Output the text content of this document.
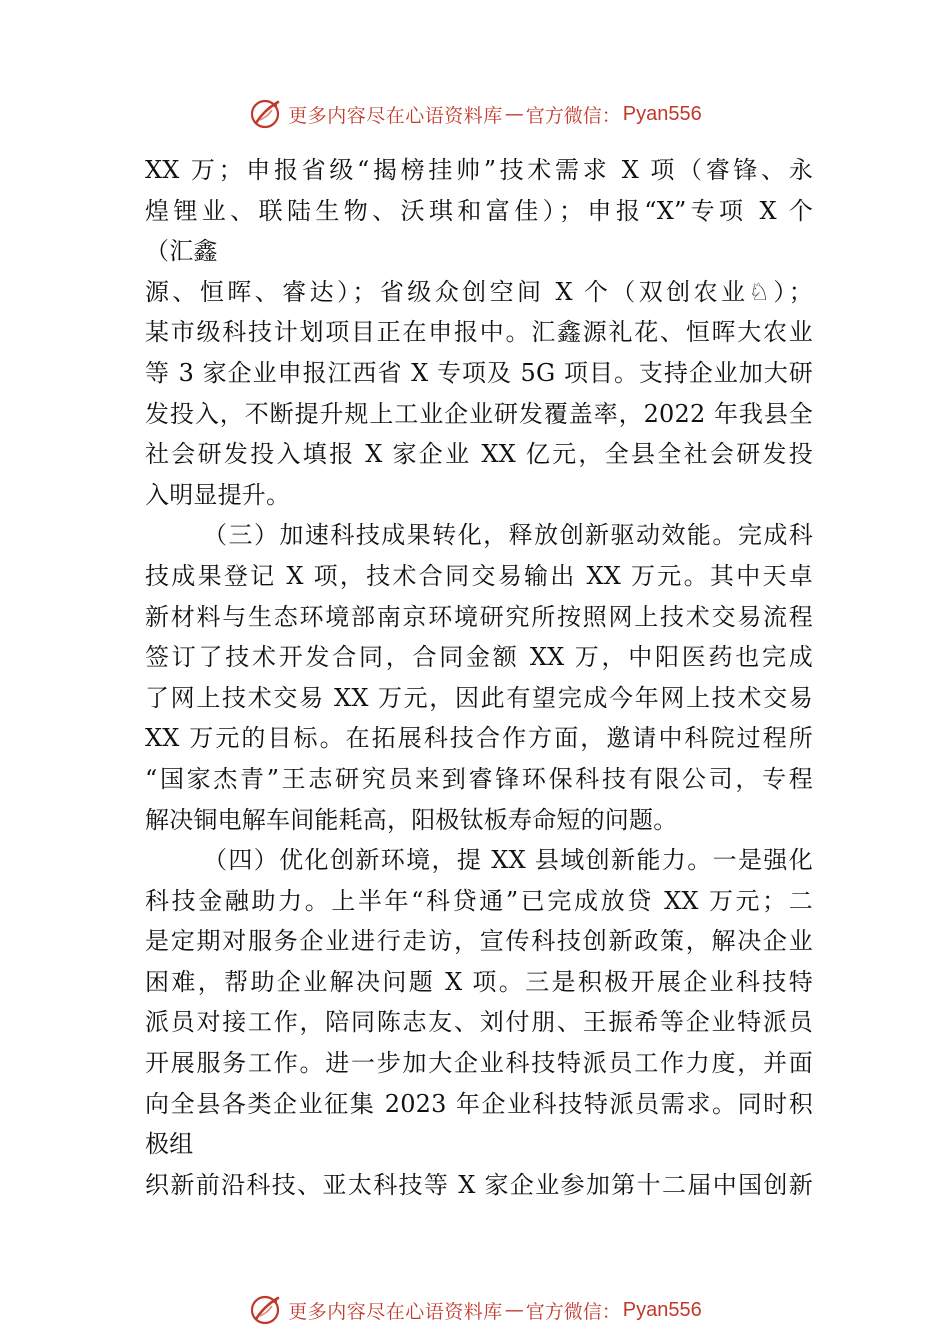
更多内容尽在心语资料库 — 官方微信： Pyan556
XX 万；申报省级“揭榜挂帅”技术需求 X 项（睿锋、永
煌锂业、联陆生物、沃琪和富佳）；申报“X”专项 X 个
（汇鑫
源、恒晖、睿达）；省级众创空间 X 个（双创农业♘）；
某市级科技计划项目正在申报中。汇鑫源礼花、恒晖大农业
等 3 家企业申报江西省 X 专项及 5G 项目。支持企业加大研
发投入，不断提升规上工业企业研发覆盖率，2022 年我县全
社会研发投入填报 X 家企业 XX 亿元，全县全社会研发投
入明显提升。
（三）加速科技成果转化，释放创新驱动效能。完成科
技成果登记 X 项，技术合同交易输出 XX 万元。其中天卓
新材料与生态环境部南京环境研究所按照网上技术交易流程
签订了技术开发合同，合同金额 XX 万，中阳医药也完成
了网上技术交易 XX 万元，因此有望完成今年网上技术交易
XX 万元的目标。在拓展科技合作方面，邀请中科院过程所
“国家杰青”王志研究员来到睿锋环保科技有限公司，专程
解决铜电解车间能耗高，阳极钛板寿命短的问题。
（四）优化创新环境，提 XX 县域创新能力。一是强化
科技金融助力。上半年“科贷通”已完成放贷 XX 万元；二
是定期对服务企业进行走访，宣传科技创新政策，解决企业
困难，帮助企业解决问题 X 项。三是积极开展企业科技特
派员对接工作，陪同陈志友、刘付朋、王振希等企业特派员
开展服务工作。进一步加大企业科技特派员工作力度，并面
向全县各类企业征集 2023 年企业科技特派员需求。同时积
极组
织新前沿科技、亚太科技等 X 家企业参加第十二届中国创新
更多内容尽在心语资料库 — 官方微信： Pyan556
